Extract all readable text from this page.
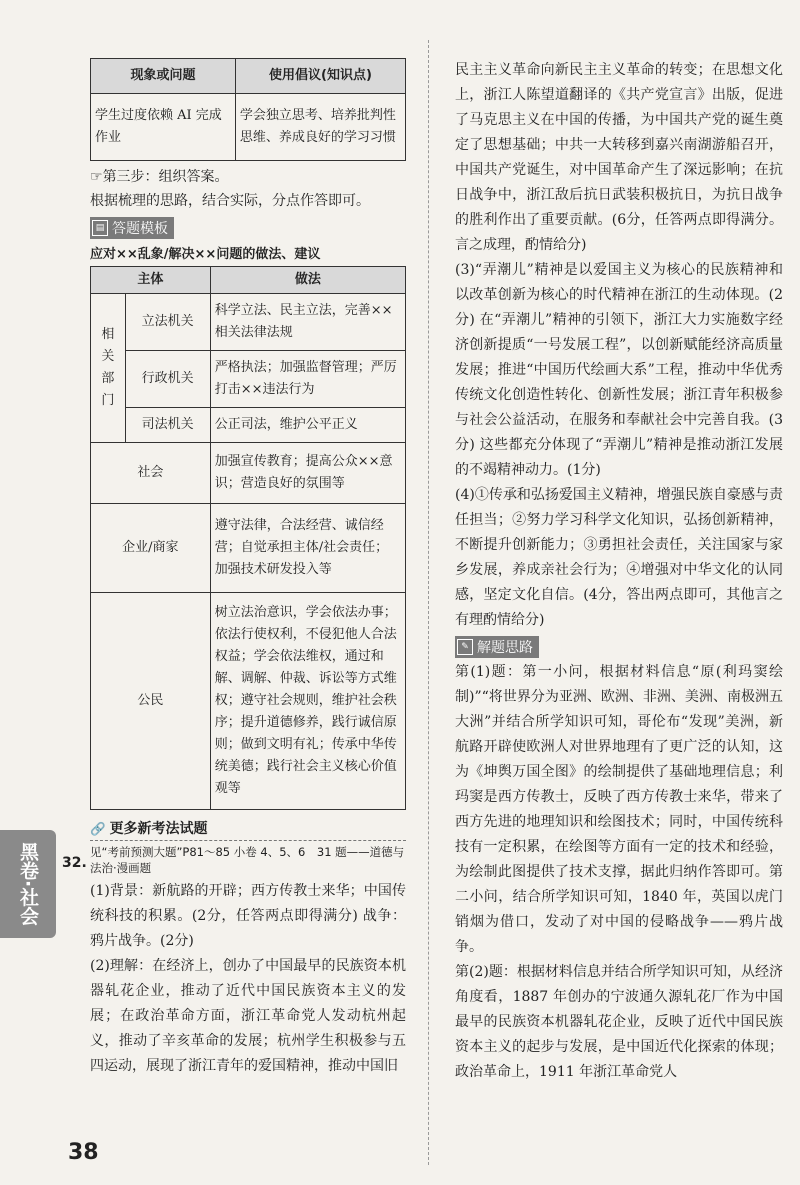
现象或问题	使用倡议(知识点)
学生过度依赖 AI 完成作业	学会独立思考、培养批判性思维、养成良好的学习习惯

☞第三步：组织答案。

根据梳理的思路，结合实际，分点作答即可。

▤ 答题模板
应对××乱象/解决××问题的做法、建议
主体		做法
相关部门	立法机关	科学立法、民主立法，完善××相关法律法规
	行政机关	严格执法；加强监督管理；严厉打击××违法行为
	司法机关	公正司法，维护公平正义
社会		加强宣传教育；提高公众××意识；营造良好的氛围等
企业/商家		遵守法律，合法经营、诚信经营；自觉承担主体/社会责任；加强技术研发投入等
公民		树立法治意识，学会依法办事；依法行使权利，不侵犯他人合法权益；学会依法维权，通过和解、调解、仲裁、诉讼等方式维权；遵守社会规则，维护社会秩序；提升道德修养，践行诚信原则；做到文明有礼；传承中华传统美德；践行社会主义核心价值观等
🔗 更多新考法试题
见“考前预测大题”P81～85 小卷 4、5、6　31 题——道德与法治·漫画题

(1)背景：新航路的开辟；西方传教士来华；中国传统科技的积累。(2分，任答两点即得满分) 战争：鸦片战争。(2分)

(2)理解：在经济上，创办了中国最早的民族资本机器轧花企业，推动了近代中国民族资本主义的发展；在政治革命方面，浙江革命党人发动杭州起义，推动了辛亥革命的发展；杭州学生积极参与五四运动，展现了浙江青年的爱国精神，推动中国旧

32.

民主主义革命向新民主主义革命的转变；在思想文化上，浙江人陈望道翻译的《共产党宣言》出版，促进了马克思主义在中国的传播，为中国共产党的诞生奠定了思想基础；中共一大转移到嘉兴南湖游船召开，中国共产党诞生，对中国革命产生了深远影响；在抗日战争中，浙江敌后抗日武装积极抗日，为抗日战争的胜利作出了重要贡献。(6分，任答两点即得满分。言之成理，酌情给分)

(3)“弄潮儿”精神是以爱国主义为核心的民族精神和以改革创新为核心的时代精神在浙江的生动体现。(2分) 在“弄潮儿”精神的引领下，浙江大力实施数字经济创新提质“一号发展工程”，以创新赋能经济高质量发展；推进“中国历代绘画大系”工程，推动中华优秀传统文化创造性转化、创新性发展；浙江青年积极参与社会公益活动，在服务和奉献社会中完善自我。(3分) 这些都充分体现了“弄潮儿”精神是推动浙江发展的不竭精神动力。(1分)

(4)①传承和弘扬爱国主义精神，增强民族自豪感与责任担当；②努力学习科学文化知识，弘扬创新精神，不断提升创新能力；③勇担社会责任，关注国家与家乡发展，养成亲社会行为；④增强对中华文化的认同感，坚定文化自信。(4分，答出两点即可，其他言之有理酌情给分)

✎ 解题思路

第(1)题：第一小问，根据材料信息“原(利玛窦绘制)”“将世界分为亚洲、欧洲、非洲、美洲、南极洲五大洲”并结合所学知识可知，哥伦布“发现”美洲，新航路开辟使欧洲人对世界地理有了更广泛的认知，这为《坤舆万国全图》的绘制提供了基础地理信息；利玛窦是西方传教士，反映了西方传教士来华，带来了西方先进的地理知识和绘图技术；同时，中国传统科技有一定积累，在绘图等方面有一定的技术和经验，为绘制此图提供了技术支撑，据此归纳作答即可。第二小问，结合所学知识可知，1840 年，英国以虎门销烟为借口，发动了对中国的侵略战争——鸦片战争。

第(2)题：根据材料信息并结合所学知识可知，从经济角度看，1887 年创办的宁波通久源轧花厂作为中国最早的民族资本机器轧花企业，反映了近代中国民族资本主义的起步与发展，是中国近代化探索的体现；政治革命上，1911 年浙江革命党人

黑卷·社会
38
